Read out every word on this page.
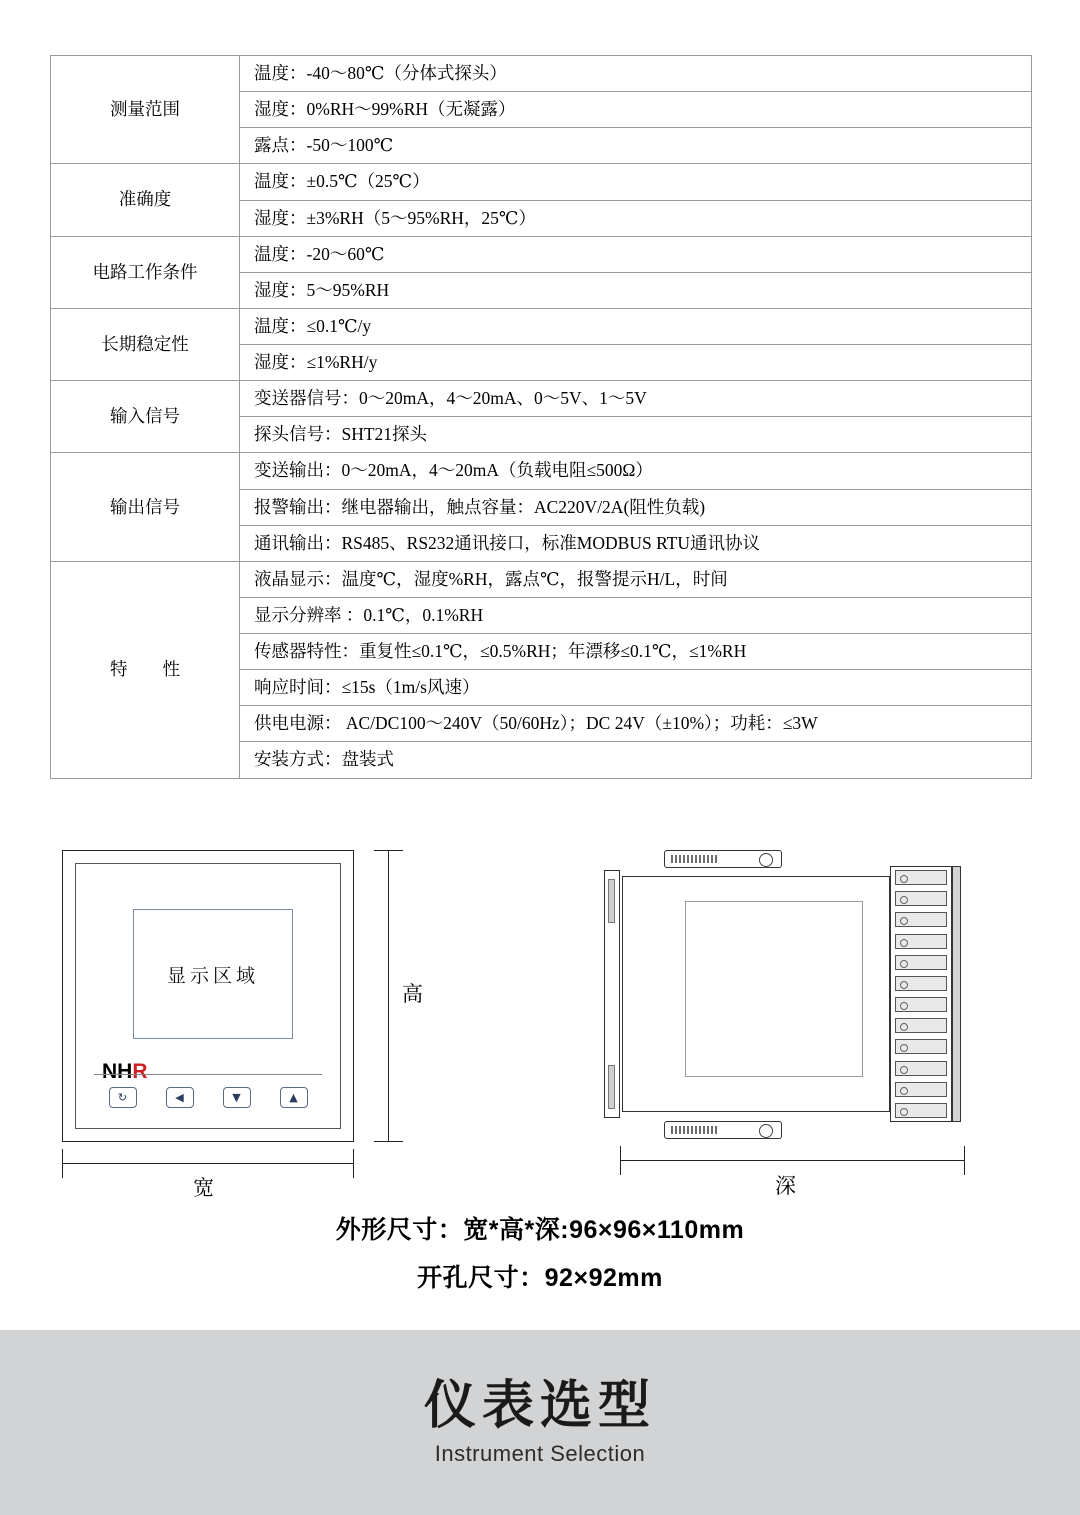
测量范围	温度：-40～80℃（分体式探头）
	湿度：0%RH～99%RH（无凝露）
	露点：-50～100℃
准确度	温度：±0.5℃（25℃）
	湿度：±3%RH（5～95%RH，25℃）
电路工作条件	温度：-20～60℃
	湿度：5～95%RH
长期稳定性	温度：≤0.1℃/y
	湿度：≤1%RH/y
输入信号	变送器信号：0～20mA，4～20mA、0～5V、1～5V
	探头信号：SHT21探头
输出信号	变送输出：0～20mA，4～20mA（负载电阻≤500Ω）
	报警输出：继电器输出，触点容量：AC220V/2A(阻性负载)
	通讯输出：RS485、RS232通讯接口，标准MODBUS RTU通讯协议
特　　性	液晶显示：温度℃，湿度%RH，露点℃，报警提示H/L，时间
	显示分辨率 ：0.1℃，0.1%RH
	传感器特性：重复性≤0.1℃，≤0.5%RH；年漂移≤0.1℃，≤1%RH
	响应时间：≤15s（1m/s风速）
	供电电源： AC/DC100～240V（50/60Hz）；DC 24V（±10%）；功耗：≤3W
	安装方式：盘装式
显示区域
NHR
↻	◀	▼	▲
高
宽	深
外形尺寸：宽*高*深:96×96×110mm
开孔尺寸：92×92mm
仪表选型
Instrument Selection
